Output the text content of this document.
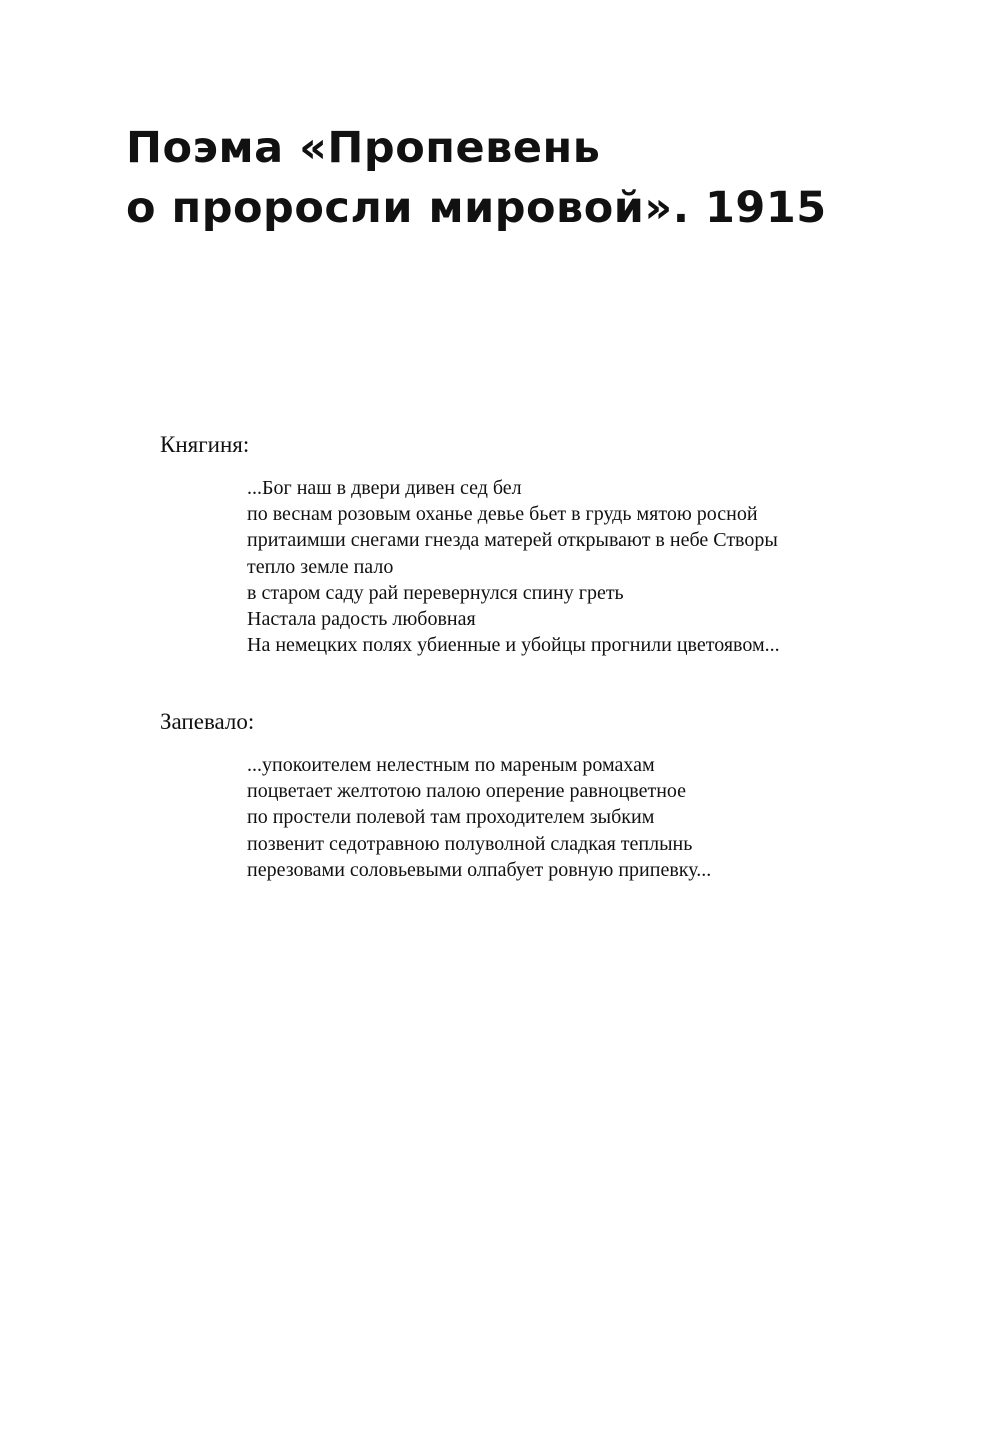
Поэма «Пропевень
о проросли мировой». 1915

Княгиня:

...Бог наш в двери дивен сед бел
по веснам розовым оханье девье бьет в грудь мятою росной
притаимши снегами гнезда матерей открывают в небе Створы
тепло земле пало
в старом саду рай перевернулся спину греть
Настала радость любовная
На немецких полях убиенные и убойцы прогнили цветоявом...

Запевало:

...упокоителем нелестным по мареным ромахам
поцветает желтотою палою оперение равноцветное
по простели полевой там проходителем зыбким
позвенит седотравною полуволной сладкая теплынь
перезовами соловьевыми олпабует ровную припевку...
